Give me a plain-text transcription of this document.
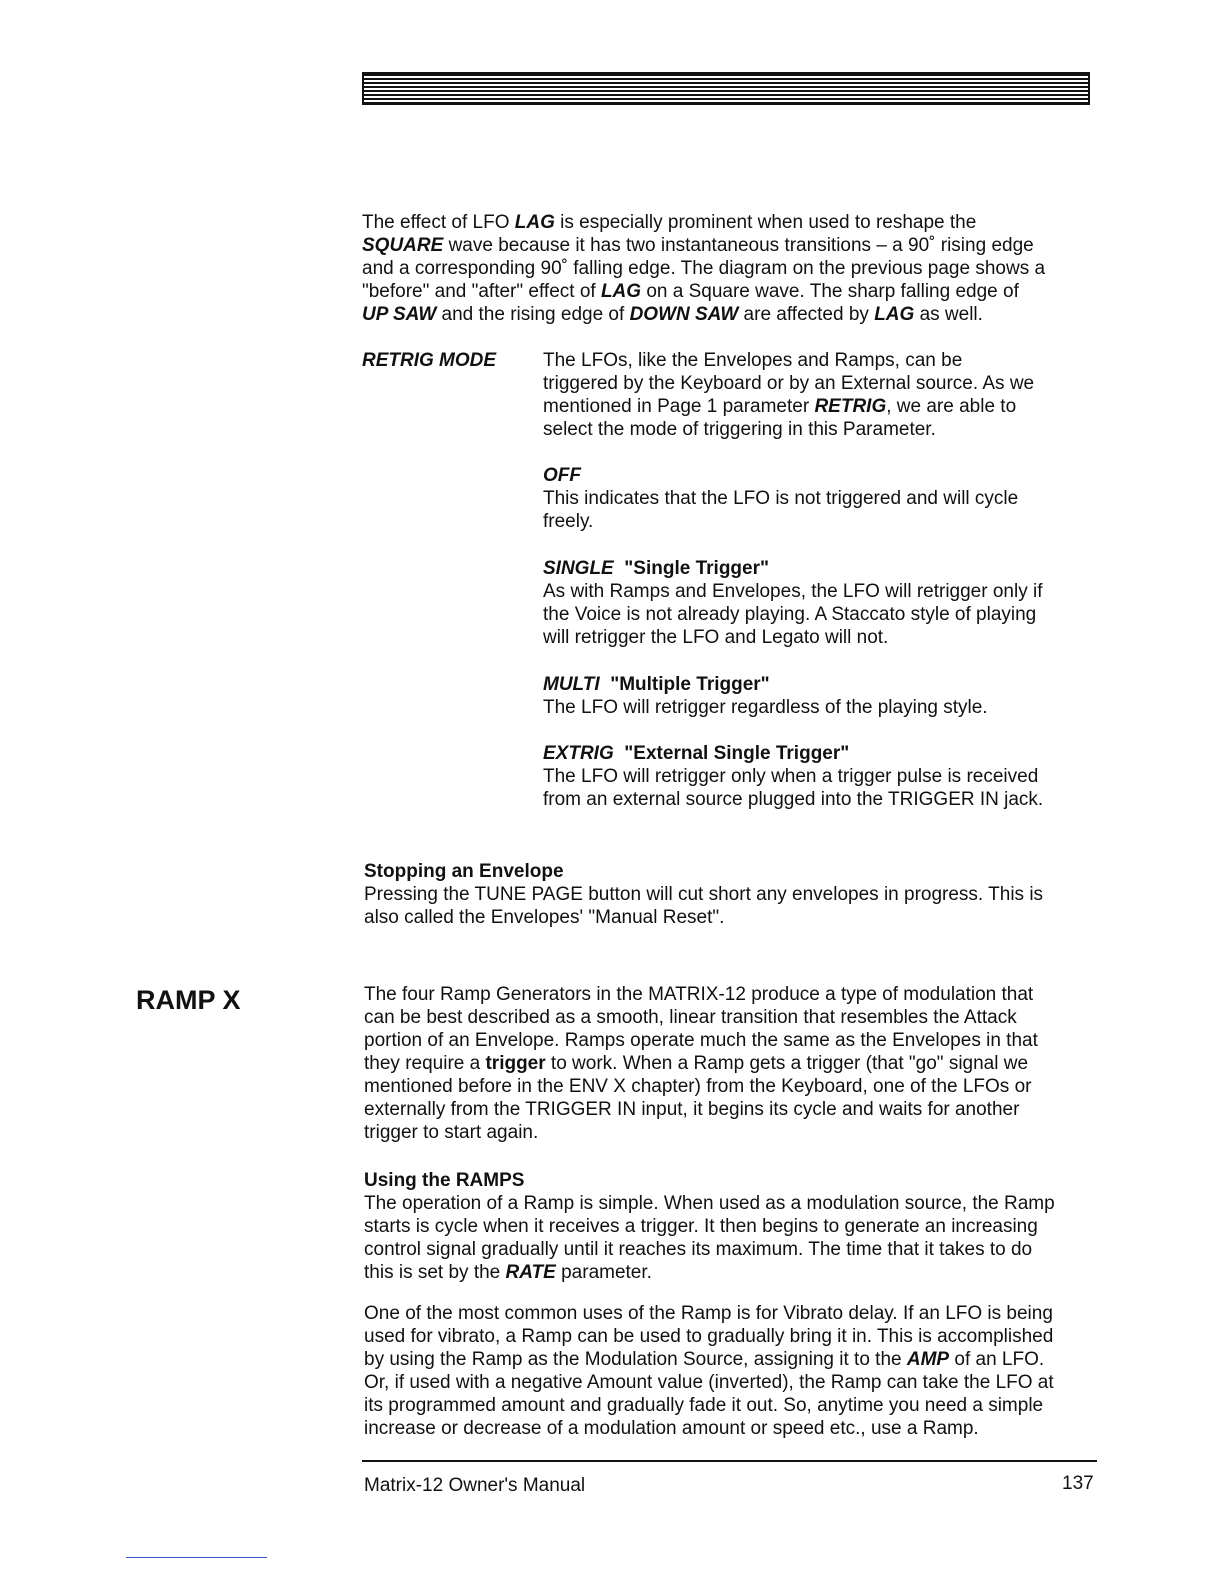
The effect of LFO LAG is especially prominent when used to reshape the
SQUARE wave because it has two instantaneous transitions – a 90˚ rising edge
and a corresponding 90˚ falling edge. The diagram on the previous page shows a
"before" and "after" effect of LAG on a Square wave. The sharp falling edge of
UP SAW and the rising edge of DOWN SAW are affected by LAG as well.
RETRIG MODE The LFOs, like the Envelopes and Ramps, can be
triggered by the Keyboard or by an External source. As we
mentioned in Page 1 parameter RETRIG, we are able to
select the mode of triggering in this Parameter.
OFF
This indicates that the LFO is not triggered and will cycle
freely.
SINGLE "Single Trigger"
As with Ramps and Envelopes, the LFO will retrigger only if
the Voice is not already playing. A Staccato style of playing
will retrigger the LFO and Legato will not.
MULTI "Multiple Trigger"
The LFO will retrigger regardless of the playing style.
EXTRIG "External Single Trigger"
The LFO will retrigger only when a trigger pulse is received
from an external source plugged into the TRIGGER IN jack.
Stopping an Envelope
Pressing the TUNE PAGE button will cut short any envelopes in progress. This is
also called the Envelopes' "Manual Reset".
RAMP X	The four Ramp Generators in the MATRIX-12 produce a type of modulation that
can be best described as a smooth, linear transition that resembles the Attack
portion of an Envelope. Ramps operate much the same as the Envelopes in that
they require a trigger to work. When a Ramp gets a trigger (that "go" signal we
mentioned before in the ENV X chapter) from the Keyboard, one of the LFOs or
externally from the TRIGGER IN input, it begins its cycle and waits for another
trigger to start again.
Using the RAMPS
The operation of a Ramp is simple. When used as a modulation source, the Ramp
starts is cycle when it receives a trigger. It then begins to generate an increasing
control signal gradually until it reaches its maximum. The time that it takes to do
this is set by the RATE parameter.
One of the most common uses of the Ramp is for Vibrato delay. If an LFO is being
used for vibrato, a Ramp can be used to gradually bring it in. This is accomplished
by using the Ramp as the Modulation Source, assigning it to the AMP of an LFO.
Or, if used with a negative Amount value (inverted), the Ramp can take the LFO at
its programmed amount and gradually fade it out. So, anytime you need a simple
increase or decrease of a modulation amount or speed etc., use a Ramp.
Matrix-12 Owner's Manual	137
